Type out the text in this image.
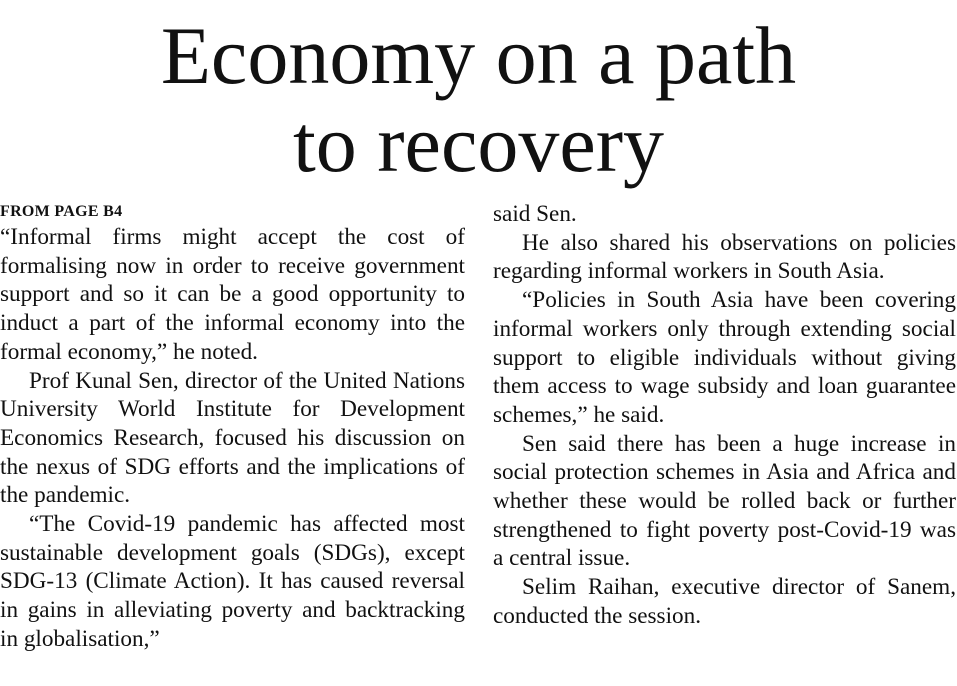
Economy on a path
to recovery
FROM PAGE B4

“Informal firms might accept the cost of formalising now in order to receive government support and so it can be a good opportunity to induct a part of the informal economy into the formal economy,” he noted.

Prof Kunal Sen, director of the United Nations University World Institute for Development Economics Research, focused his discussion on the nexus of SDG efforts and the implications of the pandemic.

“The Covid-19 pandemic has affected most sustainable development goals (SDGs), except SDG-13 (Climate Action). It has caused reversal in gains in alleviating poverty and backtracking in globalisation,”

said Sen.

He also shared his observations on policies regarding informal workers in South Asia.

“Policies in South Asia have been covering informal workers only through extending social support to eligible individuals without giving them access to wage subsidy and loan guarantee schemes,” he said.

Sen said there has been a huge increase in social protection schemes in Asia and Africa and whether these would be rolled back or further strengthened to fight poverty post-Covid-19 was a central issue.

Selim Raihan, executive director of Sanem, conducted the session.
